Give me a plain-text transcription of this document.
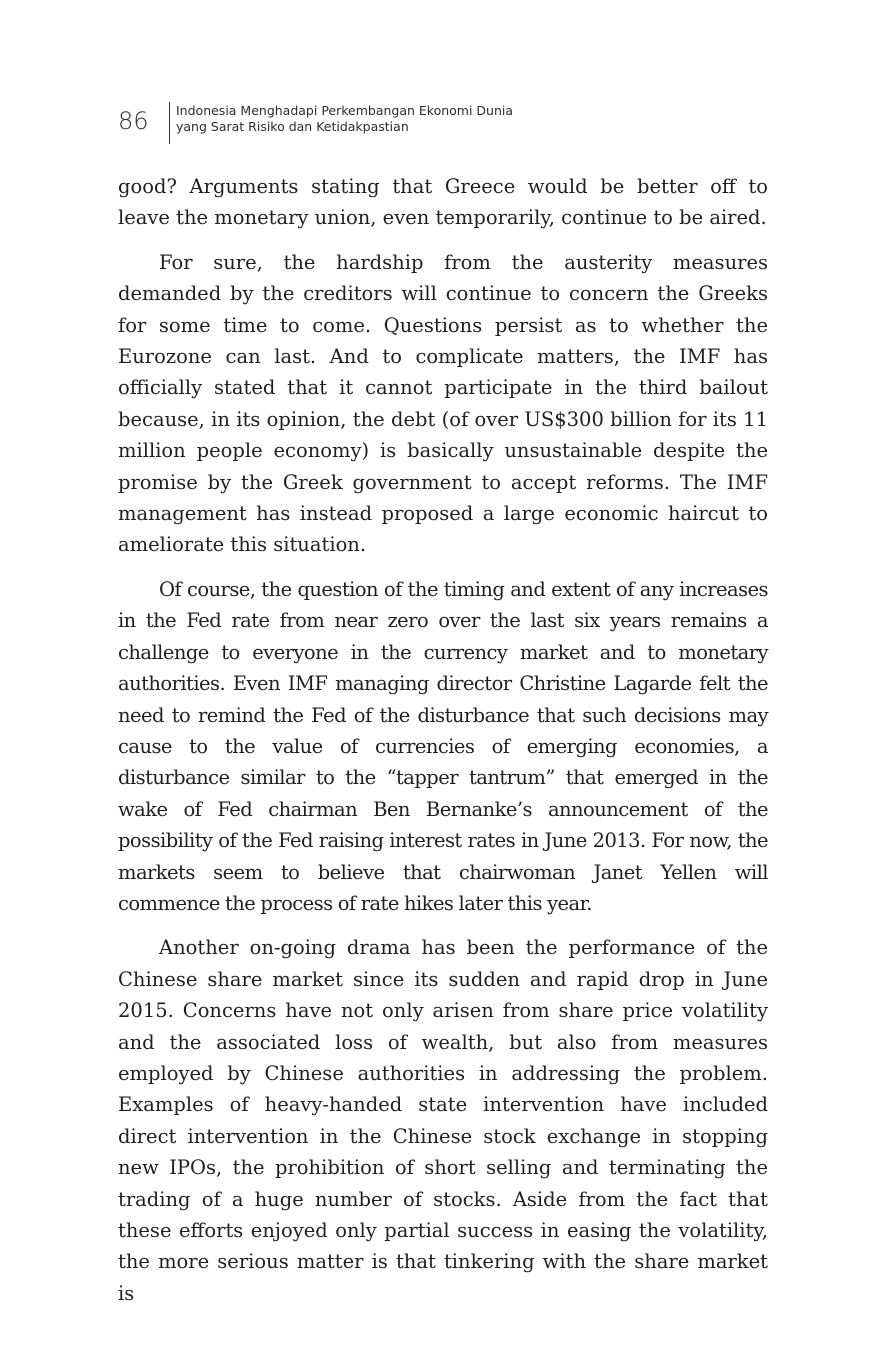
86	Indonesia Menghadapi Perkembangan Ekonomi Dunia
yang Sarat Risiko dan Ketidakpastian

good? Arguments stating that Greece would be better off to leave the monetary union, even temporarily, continue to be aired.

For sure, the hardship from the austerity measures demanded by the creditors will continue to concern the Greeks for some time to come. Questions persist as to whether the Eurozone can last. And to complicate matters, the IMF has officially stated that it cannot participate in the third bailout because, in its opinion, the debt (of over US$300 billion for its 11 million people economy) is basically unsustainable despite the promise by the Greek government to accept reforms. The IMF management has instead proposed a large economic haircut to ameliorate this situation.

Of course, the question of the timing and extent of any increases in the Fed rate from near zero over the last six years remains a challenge to everyone in the currency market and to monetary authorities. Even IMF managing director Christine Lagarde felt the need to remind the Fed of the disturbance that such decisions may cause to the value of currencies of emerging economies, a disturbance similar to the “tapper tantrum” that emerged in the wake of Fed chairman Ben Bernanke’s announcement of the possibility of the Fed raising interest rates in June 2013. For now, the markets seem to believe that chairwoman Janet Yellen will commence the process of rate hikes later this year.

Another on-going drama has been the performance of the Chinese share market since its sudden and rapid drop in June 2015. Concerns have not only arisen from share price volatility and the associated loss of wealth, but also from measures employed by Chinese authorities in addressing the problem. Examples of heavy-handed state intervention have included direct intervention in the Chinese stock exchange in stopping new IPOs, the prohibition of short selling and terminating the trading of a huge number of stocks. Aside from the fact that these efforts enjoyed only partial success in easing the volatility, the more serious matter is that tinkering with the share market is
